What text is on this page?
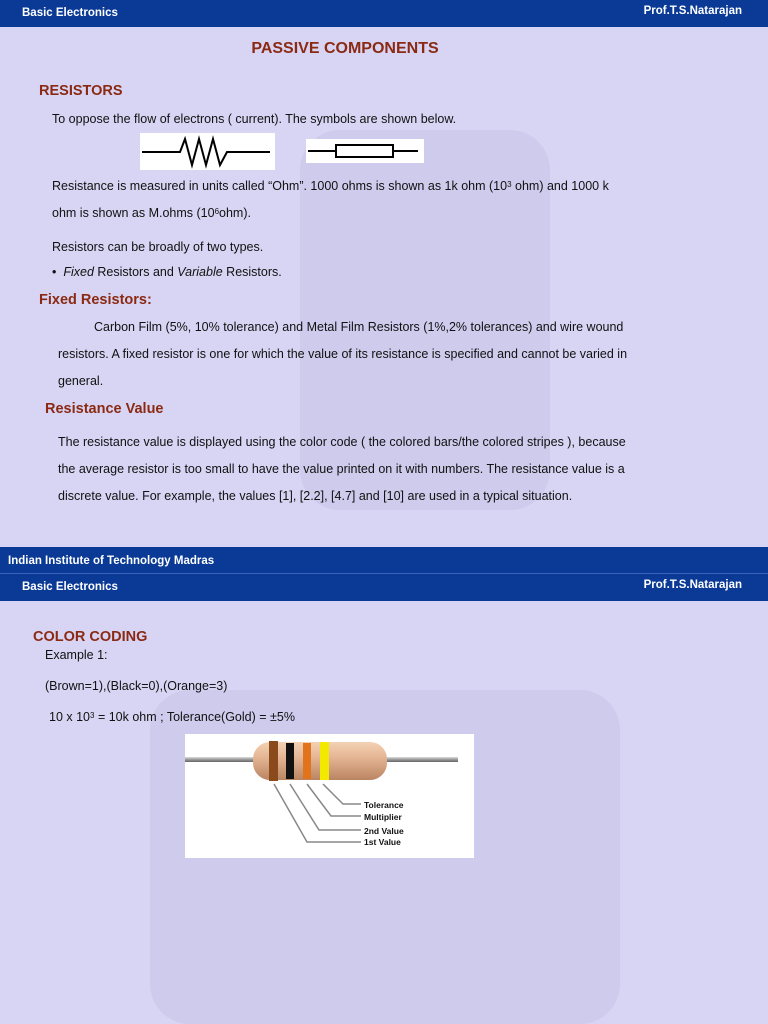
Basic Electronics	Prof.T.S.Natarajan
PASSIVE COMPONENTS
RESISTORS
To oppose the flow of electrons ( current). The symbols are shown below.
Resistance is measured in units called “Ohm”. 1000 ohms is shown as 1k ohm ($10^3$ ohm) and 1000 k
ohm is shown as M.ohms $(10^6ohm)$.
Resistors can be broadly of two types.
•  Fixed Resistors and Variable Resistors.
Fixed Resistors:
Carbon Film (5%, 10% tolerance) and Metal Film Resistors (1%,2% tolerances) and wire wound
resistors. A fixed resistor is one for which the value of its resistance is specified and cannot be varied in
general.
Resistance Value
The resistance value is displayed using the color code ( the colored bars/the colored stripes ), because
the average resistor is too small to have the value printed on it with numbers. The resistance value is a
discrete value. For example, the values [1], [2.2], [4.7] and [10] are used in a typical situation.
Indian Institute of Technology Madras
Basic Electronics	Prof.T.S.Natarajan
COLOR CODING
Example 1:
(Brown=1),(Black=0),(Orange=3)
10 x $10^3 = 10k$ ohm ; Tolerance(Gold) = ±5%
Tolerance
Multiplier
2nd Value
1st Value
